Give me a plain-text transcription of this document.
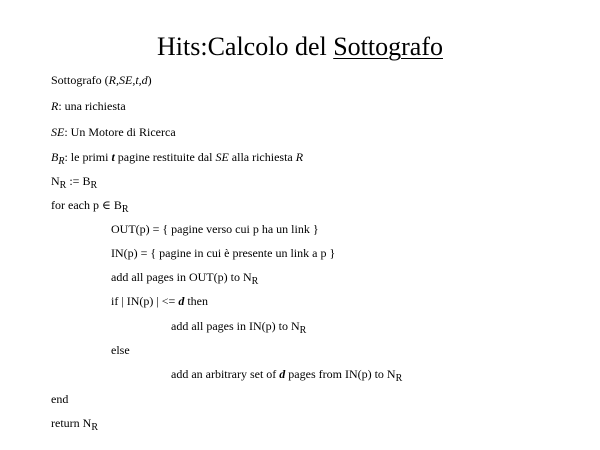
Hits:Calcolo del Sottografo
Sottografo (R,SE,t,d)
R: una richiesta
SE: Un Motore di Ricerca
$B_R$: le primi t pagine restituite dal SE alla richiesta R
$N_R$ := $B_R$
for each p ∈ $B_R$
OUT(p) = { pagine verso cui p ha un link }
IN(p) = { pagine in cui è presente un link a p }
add all pages in OUT(p) to $N_R$
if | IN(p) | <= d then
add all pages in IN(p) to $N_R$
else
add an arbitrary set of d pages from IN(p) to $N_R$
end
return $N_R$
